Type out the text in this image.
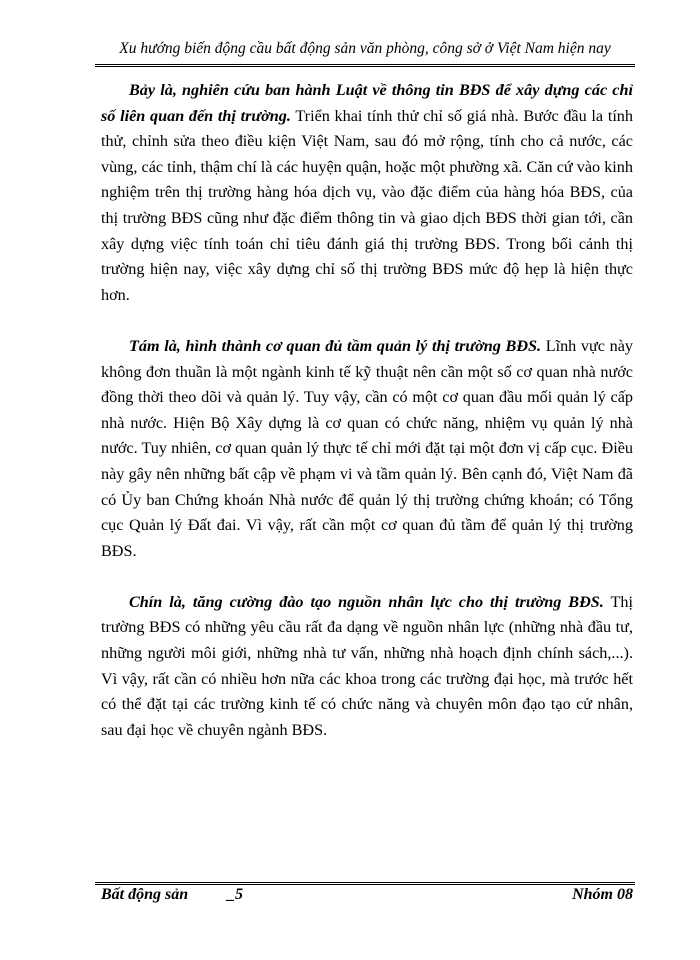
Xu hướng biến động cầu bất động sản văn phòng, công sở ở Việt Nam hiện nay

Bảy là, nghiên cứu ban hành Luật về thông tin BĐS để xây dựng các chỉ số liên quan đến thị trường. Triển khai tính thử chỉ số giá nhà. Bước đầu la tính thử, chỉnh sửa theo điều kiện Việt Nam, sau đó mở rộng, tính cho cả nước, các vùng, các tỉnh, thậm chí là các huyện quận, hoặc một phường xã. Căn cứ vào kinh nghiệm trên thị trường hàng hóa dịch vụ, vào đặc điểm của hàng hóa BĐS, của thị trường BĐS cũng như đặc điểm thông tin và giao dịch BĐS thời gian tới, cần xây dựng việc tính toán chỉ tiêu đánh giá thị trường BĐS. Trong bối cảnh thị trường hiện nay, việc xây dựng chỉ số thị trường BĐS mức độ hẹp là hiện thực hơn.

Tám là, hình thành cơ quan đủ tầm quản lý thị trường BĐS. Lĩnh vực này không đơn thuần là một ngành kinh tế kỹ thuật nên cần một số cơ quan nhà nước đồng thời theo dõi và quản lý. Tuy vậy, cần có một cơ quan đầu mối quản lý cấp nhà nước. Hiện Bộ Xây dựng là cơ quan có chức năng, nhiệm vụ quản lý nhà nước. Tuy nhiên, cơ quan quản lý thực tế chỉ mới đặt tại một đơn vị cấp cục. Điều này gây nên những bất cập về phạm vi và tầm quản lý. Bên cạnh đó, Việt Nam đã có Ủy ban Chứng khoán Nhà nước để quản lý thị trường chứng khoán; có Tổng cục Quản lý Đất đai. Vì vậy, rất cần một cơ quan đủ tầm để quản lý thị trường BĐS.

Chín là, tăng cường đào tạo nguồn nhân lực cho thị trường BĐS. Thị trường BĐS có những yêu cầu rất đa dạng về nguồn nhân lực (những nhà đầu tư, những người môi giới, những nhà tư vấn, những nhà hoạch định chính sách,...). Vì vậy, rất cần có nhiều hơn nữa các khoa trong các trường đại học, mà trước hết có thể đặt tại các trường kinh tế có chức năng và chuyên môn đạo tạo cử nhân, sau đại học về chuyên ngành BĐS.

Bất động sản _5	Nhóm 08
